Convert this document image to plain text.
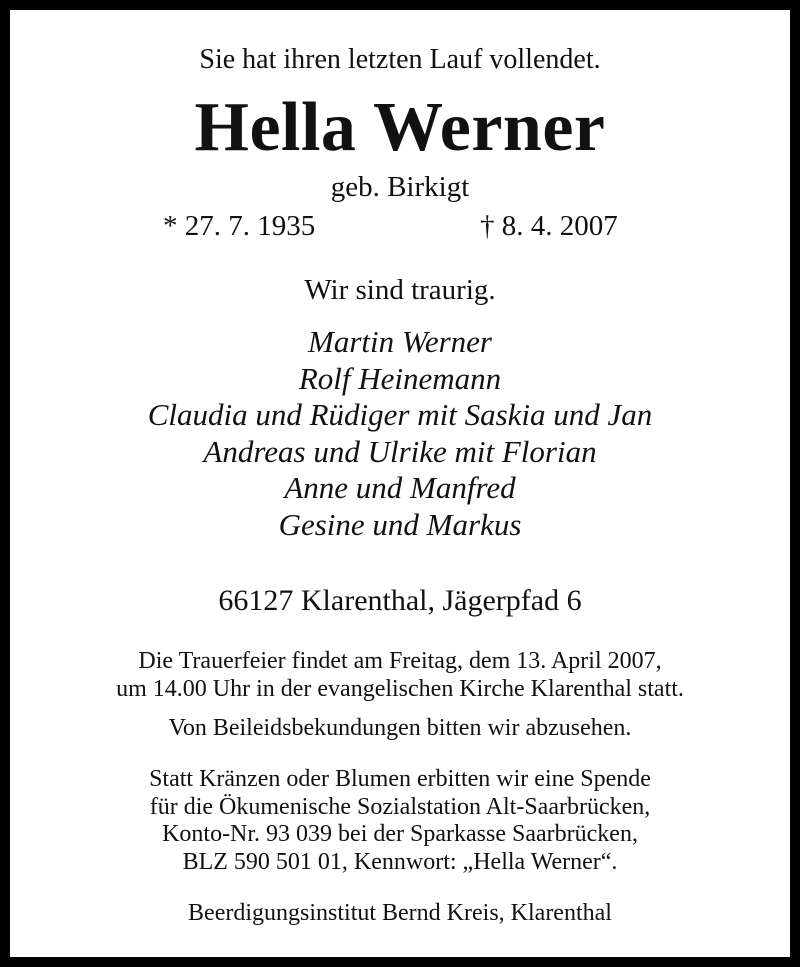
Sie hat ihren letzten Lauf vollendet.
Hella Werner
geb. Birkigt
* 27. 7. 1935	† 8. 4. 2007
Wir sind traurig.
Martin Werner
Rolf Heinemann
Claudia und Rüdiger mit Saskia und Jan
Andreas und Ulrike mit Florian
Anne und Manfred
Gesine und Markus
66127 Klarenthal, Jägerpfad 6

Die Trauerfeier findet am Freitag, dem 13. April 2007,
um 14.00 Uhr in der evangelischen Kirche Klarenthal statt.

Von Beileidsbekundungen bitten wir abzusehen.

Statt Kränzen oder Blumen erbitten wir eine Spende
für die Ökumenische Sozialstation Alt-Saarbrücken,
Konto-Nr. 93 039 bei der Sparkasse Saarbrücken,
BLZ 590 501 01, Kennwort: „Hella Werner“.

Beerdigungsinstitut Bernd Kreis, Klarenthal
